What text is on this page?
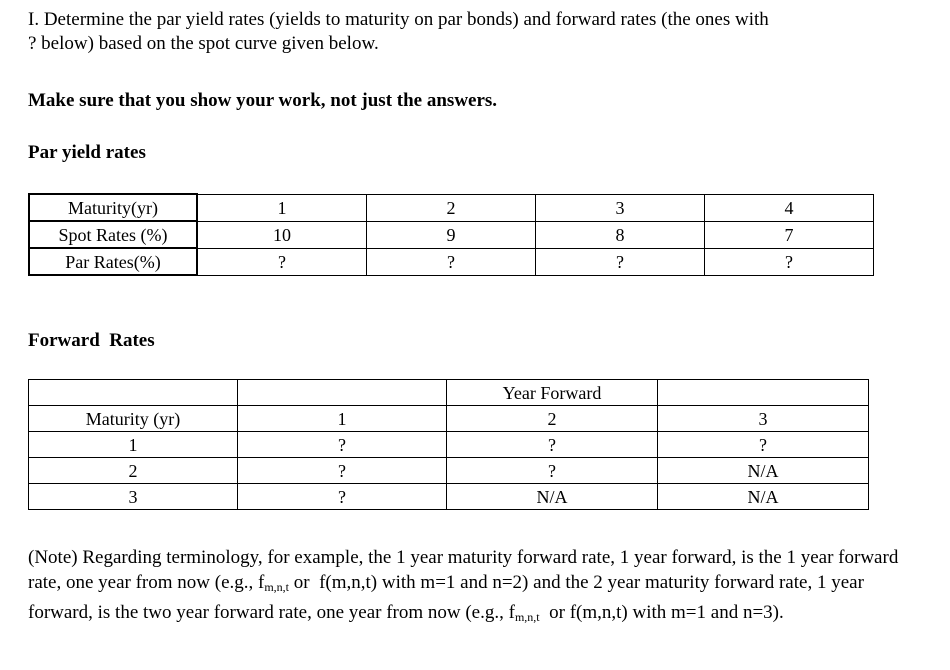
I. Determine the par yield rates (yields to maturity on par bonds) and forward rates (the ones with
? below) based on the spot curve given below.
Make sure that you show your work, not just the answers.
Par yield rates
Maturity(yr)	1	2	3	4
Spot Rates (%)	10	9	8	7
Par Rates(%)	?	?	?	?
Forward  Rates
		Year Forward	
Maturity (yr)	1	2	3
1	?	?	?
2	?	?	N/A
3	?	N/A	N/A
(Note) Regarding terminology, for example, the 1 year maturity forward rate, 1 year forward, is the 1 year forward rate, one year from now (e.g., $f_{m,n,t}$ or  f(m,n,t) with m=1 and n=2) and the 2 year maturity forward rate, 1 year forward, is the two year forward rate, one year from now (e.g., $f_{m,n,t}$  or f(m,n,t) with m=1 and n=3).
